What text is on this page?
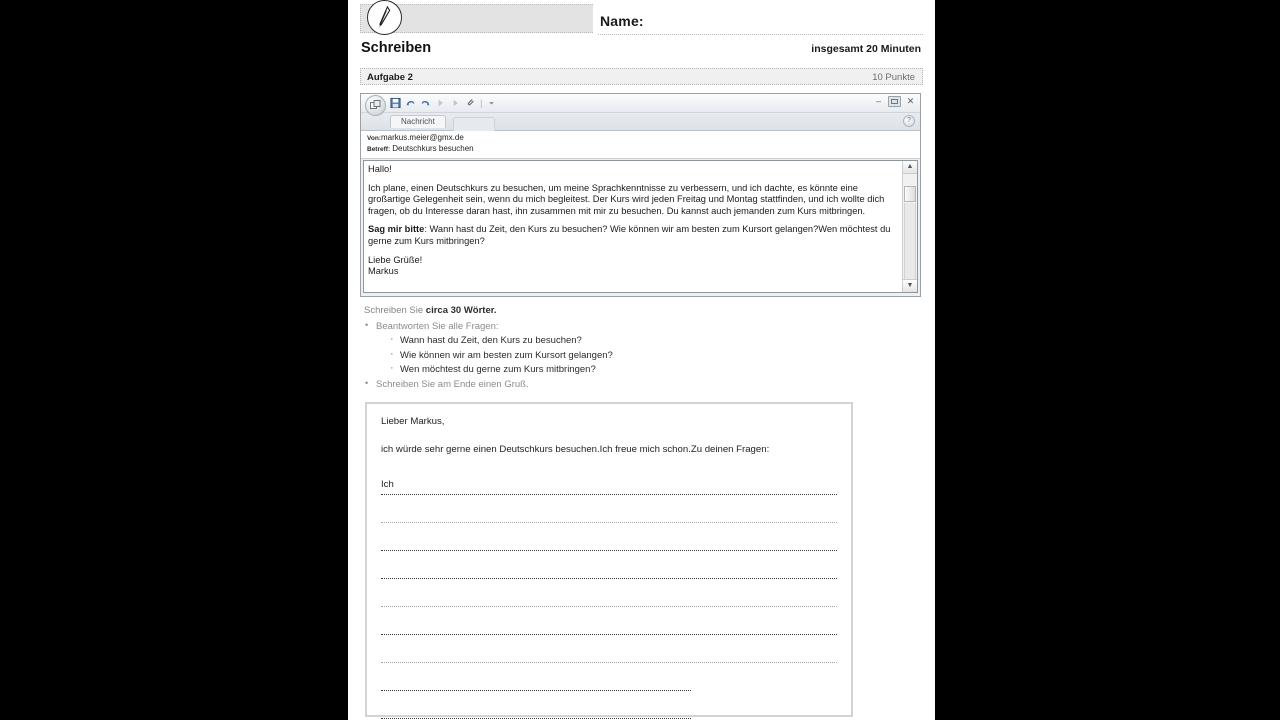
Name:
Schreiben	insgesamt 20 Minuten
Aufgabe 2	10 Punkte
|	–	✕
Nachricht	?
Von:markus.meier@gmx.de
Betreff: Deutschkurs besuchen

Hallo!

Ich plane, einen Deutschkurs zu besuchen, um meine Sprachkenntnisse zu verbessern, und ich dachte, es könnte eine großartige Gelegenheit sein, wenn du mich begleitest. Der Kurs wird jeden Freitag und Montag stattfinden, und ich wollte dich fragen, ob du Interesse daran hast, ihn zusammen mit mir zu besuchen. Du kannst auch jemanden zum Kurs mitbringen.

Sag mir bitte: Wann hast du Zeit, den Kurs zu besuchen? Wie können wir am besten zum Kursort gelangen?Wen möchtest du gerne zum Kurs mitbringen?

Liebe Grüße!

Markus

▲
▼
Schreiben Sie circa 30 Wörter.
• Beantworten Sie alle Fragen:
· Wann hast du Zeit, den Kurs zu besuchen?
· Wie können wir am besten zum Kursort gelangen?
· Wen möchtest du gerne zum Kurs mitbringen?
• Schreiben Sie am Ende einen Gruß.
Lieber Markus,
ich würde sehr gerne einen Deutschkurs besuchen.Ich freue mich schon.Zu deinen Fragen:
Ich
